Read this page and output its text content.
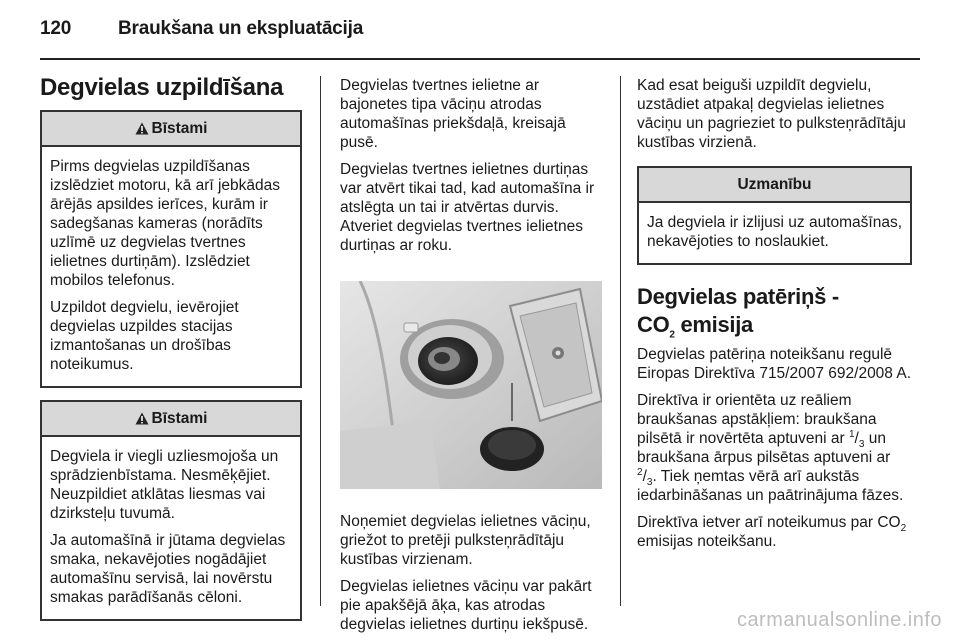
120 Braukšana un ekspluatācija
Degvielas uzpildīšana
Bīstami

Pirms degvielas uzpildīšanas izslēdziet motoru, kā arī jebkādas ārējās apsildes ierīces, kurām ir sadegšanas kameras (norādīts uzlīmē uz degvielas tvertnes ielietnes durtiņām). Izslēdziet mobilos telefonus.

Uzpildot degvielu, ievērojiet degvielas uzpildes stacijas izmantošanas un drošības noteikumus.

Bīstami

Degviela ir viegli uzliesmojoša un sprādzienbīstama. Nesmēķējiet. Neuzpildiet atklātas liesmas vai dzirksteļu tuvumā.

Ja automašīnā ir jūtama degvielas smaka, nekavējoties nogādājiet automašīnu servisā, lai novērstu smakas parādīšanās cēloni.

Degvielas tvertnes ielietne ar bajonetes tipa vāciņu atrodas automašīnas priekšdaļā, kreisajā pusē.

Degvielas tvertnes ielietnes durtiņas var atvērt tikai tad, kad automašīna ir atslēgta un tai ir atvērtas durvis. Atveriet degvielas tvertnes ielietnes durtiņas ar roku.

Noņemiet degvielas ielietnes vāciņu, griežot to pretēji pulksteņrādītāju kustības virzienam.

Degvielas ielietnes vāciņu var pakārt pie apakšējā āķa, kas atrodas degvielas ielietnes durtiņu iekšpusē.

Kad esat beiguši uzpildīt degvielu, uzstādiet atpakaļ degvielas ielietnes vāciņu un pagrieziet to pulksteņrādītāju kustības virzienā.

Uzmanību

Ja degviela ir izlijusi uz automašīnas, nekavējoties to noslaukiet.

Degvielas patēriņš -
$CO_2$ emisija

Degvielas patēriņa noteikšanu regulē Eiropas Direktīva 715/2007 692/2008 A.

Direktīva ir orientēta uz reāliem braukšanas apstākļiem: braukšana pilsētā ir novērtēta aptuveni ar $^1/_3$ un braukšana ārpus pilsētas aptuveni ar $^2/_3$. Tiek ņemtas vērā arī aukstās iedarbināšanas un paātrinājuma fāzes.

Direktīva ietver arī noteikumus par $CO_2$ emisijas noteikšanu.

carmanualsonline.info
